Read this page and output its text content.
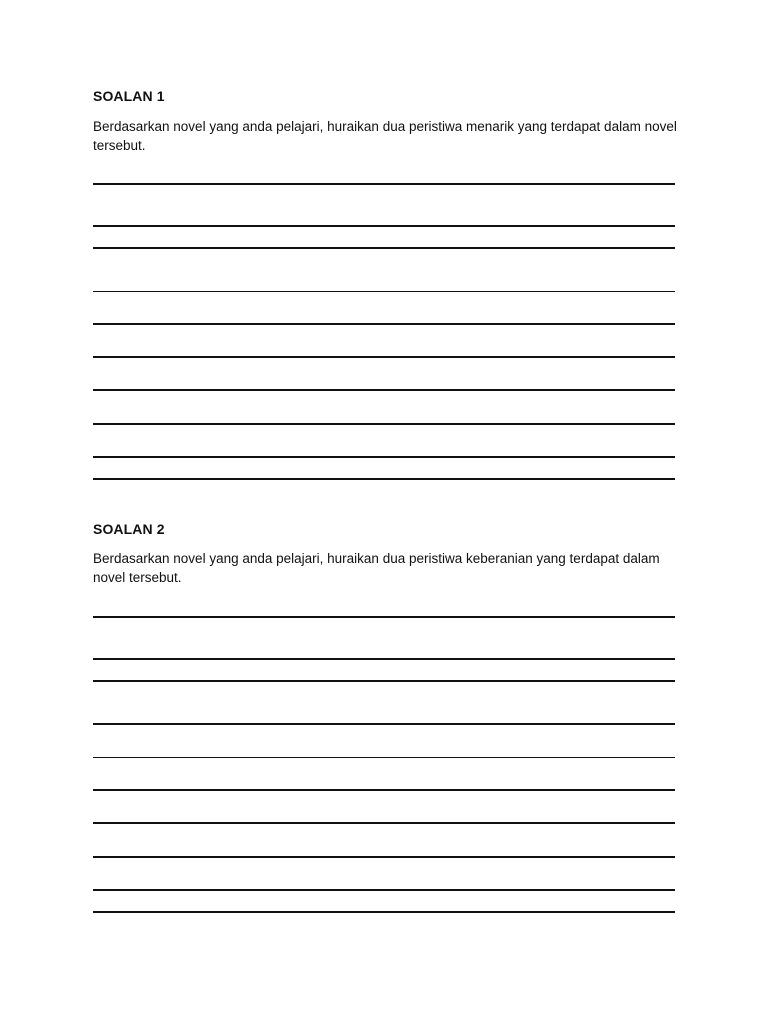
SOALAN 1
Berdasarkan novel yang anda pelajari, huraikan dua peristiwa menarik yang terdapat dalam novel tersebut.
SOALAN 2
Berdasarkan novel yang anda pelajari, huraikan dua peristiwa keberanian yang terdapat dalam novel tersebut.
